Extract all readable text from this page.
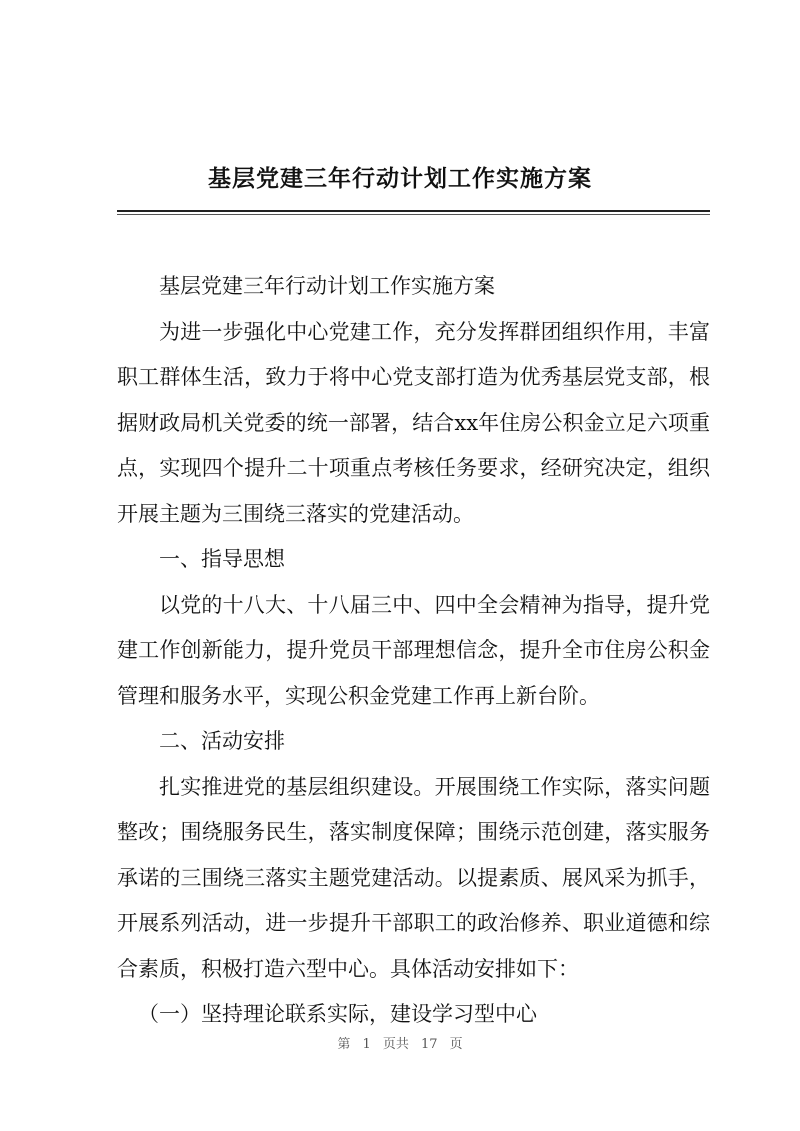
基层党建三年行动计划工作实施方案

基层党建三年行动计划工作实施方案

为进一步强化中心党建工作，充分发挥群团组织作用，丰富职工群体生活，致力于将中心党支部打造为优秀基层党支部，根据财政局机关党委的统一部署，结合xx年住房公积金立足六项重点，实现四个提升二十项重点考核任务要求，经研究决定，组织开展主题为三围绕三落实的党建活动。

一、指导思想

以党的十八大、十八届三中、四中全会精神为指导，提升党建工作创新能力，提升党员干部理想信念，提升全市住房公积金管理和服务水平，实现公积金党建工作再上新台阶。

二、活动安排

扎实推进党的基层组织建设。开展围绕工作实际，落实问题整改；围绕服务民生，落实制度保障；围绕示范创建，落实服务承诺的三围绕三落实主题党建活动。以提素质、展风采为抓手，开展系列活动，进一步提升干部职工的政治修养、职业道德和综合素质，积极打造六型中心。具体活动安排如下：

（一）坚持理论联系实际，建设学习型中心

第 1 页共 17 页
